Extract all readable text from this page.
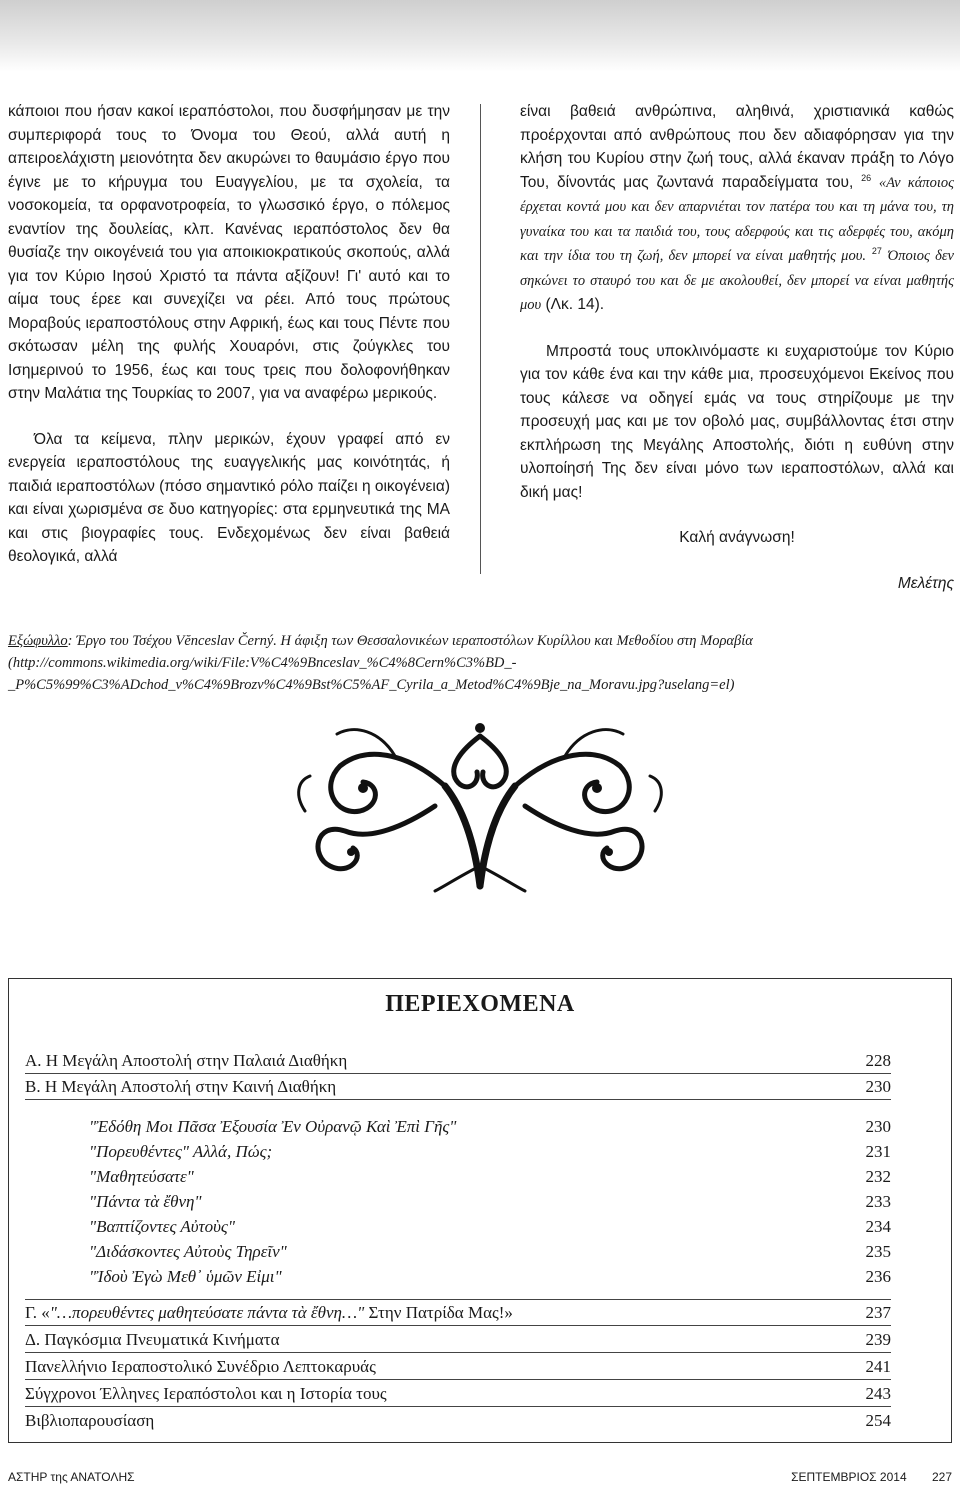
κάποιοι που ήσαν κακοί ιεραπόστολοι, που δυσφήμησαν με την συμπεριφορά τους το Όνομα του Θεού, αλλά αυτή η απειροελάχιστη μειονότητα δεν ακυρώνει το θαυμάσιο έργο που έγινε με το κήρυγμα του Ευαγγελίου, με τα σχολεία, τα νοσοκομεία, τα ορφανοτροφεία, το γλωσσικό έργο, ο πόλεμος εναντίον της δουλείας, κλπ. Κανένας ιεραπόστολος δεν θα θυσίαζε την οικογένειά του για αποικιοκρατικούς σκοπούς, αλλά για τον Κύριο Ιησού Χριστό τα πάντα αξίζουν! Γι' αυτό και το αίμα τους έρεε και συνεχίζει να ρέει. Από τους πρώτους Μοραβούς ιεραποστόλους στην Αφρική, έως και τους Πέντε που σκότωσαν μέλη της φυλής Χουαρόνι, στις ζούγκλες του Ισημερινού το 1956, έως και τους τρεις που δολοφονήθηκαν στην Μαλάτια της Τουρκίας το 2007, για να αναφέρω μερικούς.

Όλα τα κείμενα, πλην μερικών, έχουν γραφεί από εν ενεργεία ιεραποστόλους της ευαγγελικής μας κοινότητάς, ή παιδιά ιεραποστόλων (πόσο σημαντικό ρόλο παίζει η οικογένεια) και είναι χωρισμένα σε δυο κατηγορίες: στα ερμηνευτικά της ΜΑ και στις βιογραφίες τους. Ενδεχομένως δεν είναι βαθειά θεολογικά, αλλά

είναι βαθειά ανθρώπινα, αληθινά, χριστιανικά καθώς προέρχονται από ανθρώπους που δεν αδιαφόρησαν για την κλήση του Κυρίου στην ζωή τους, αλλά έκαναν πράξη το Λόγο Του, δίνοντάς μας ζωντανά παραδείγματα του, $^{26}$ «Αν κάποιος έρχεται κοντά μου και δεν απαρνιέται τον πατέρα του και τη μάνα του, τη γυναίκα του και τα παιδιά του, τους αδερφούς και τις αδερφές του, ακόμη και την ίδια του τη ζωή, δεν μπορεί να είναι μαθητής μου. $^{27}$ Όποιος δεν σηκώνει το σταυρό του και δε με ακολουθεί, δεν μπορεί να είναι μαθητής μου (Λκ. 14).

Μπροστά τους υποκλινόμαστε κι ευχαριστούμε τον Κύριο για τον κάθε ένα και την κάθε μια, προσευχόμενοι Εκείνος που τους κάλεσε να οδηγεί εμάς να τους στηρίζουμε με την προσευχή μας και με τον οβολό μας, συμβάλλοντας έτσι στην εκπλήρωση της Μεγάλης Αποστολής, διότι η ευθύνη στην υλοποίησή Της δεν είναι μόνο των ιεραποστόλων, αλλά και δική μας!

Καλή ανάγνωση!

Μελέτης

Εξώφυλλο: Έργο του Τσέχου Vĕnceslav Černý. Η άφιξη των Θεσσαλονικέων ιεραποστόλων Κυρίλλου και Μεθοδίου στη Μοραβία (http://commons.wikimedia.org/wiki/File:V%C4%9Bnceslav_%C4%8Cern%C3%BD_-_P%C5%99%C3%ADchod_v%C4%9Brozv%C4%9Bst%C5%AF_Cyrila_a_Metod%C4%9Bje_na_Moravu.jpg?uselang=el)
ΠΕΡΙΕΧΟΜΕΝΑ
Α. Η Μεγάλη Αποστολή στην Παλαιά Διαθήκη	228
Β. Η Μεγάλη Αποστολή στην Καινή Διαθήκη	230
"Ἐδόθη Μοι Πᾶσα Ἐξουσία Ἐν Οὐρανῷ Καὶ Ἐπὶ Γῆς"	230
"Πορευθέντες" Αλλά, Πώς;	231
"Μαθητεύσατε"	232
"Πάντα τὰ ἔθνη"	233
"Βαπτίζοντες Αὐτοὺς"	234
"Διδάσκοντες Αὐτοὺς Τηρεῖν"	235
"Ἰδοὺ Ἐγὼ Μεθ᾿ ὑμῶν Εἰμι"	236
Γ. «"…πορευθέντες μαθητεύσατε πάντα τὰ ἔθνη…" Στην Πατρίδα Μας!»	237
Δ. Παγκόσμια Πνευματικά Κινήματα	239
Πανελλήνιο Ιεραποστολικό Συνέδριο Λεπτοκαρυάς	241
Σύγχρονοι Έλληνες Ιεραπόστολοι και η Ιστορία τους	243
Βιβλιοπαρουσίαση	254
ΑΣΤΗΡ της ΑΝΑΤΟΛΗΣ	ΣΕΠΤΕΜΒΡΙΟΣ 2014 227
